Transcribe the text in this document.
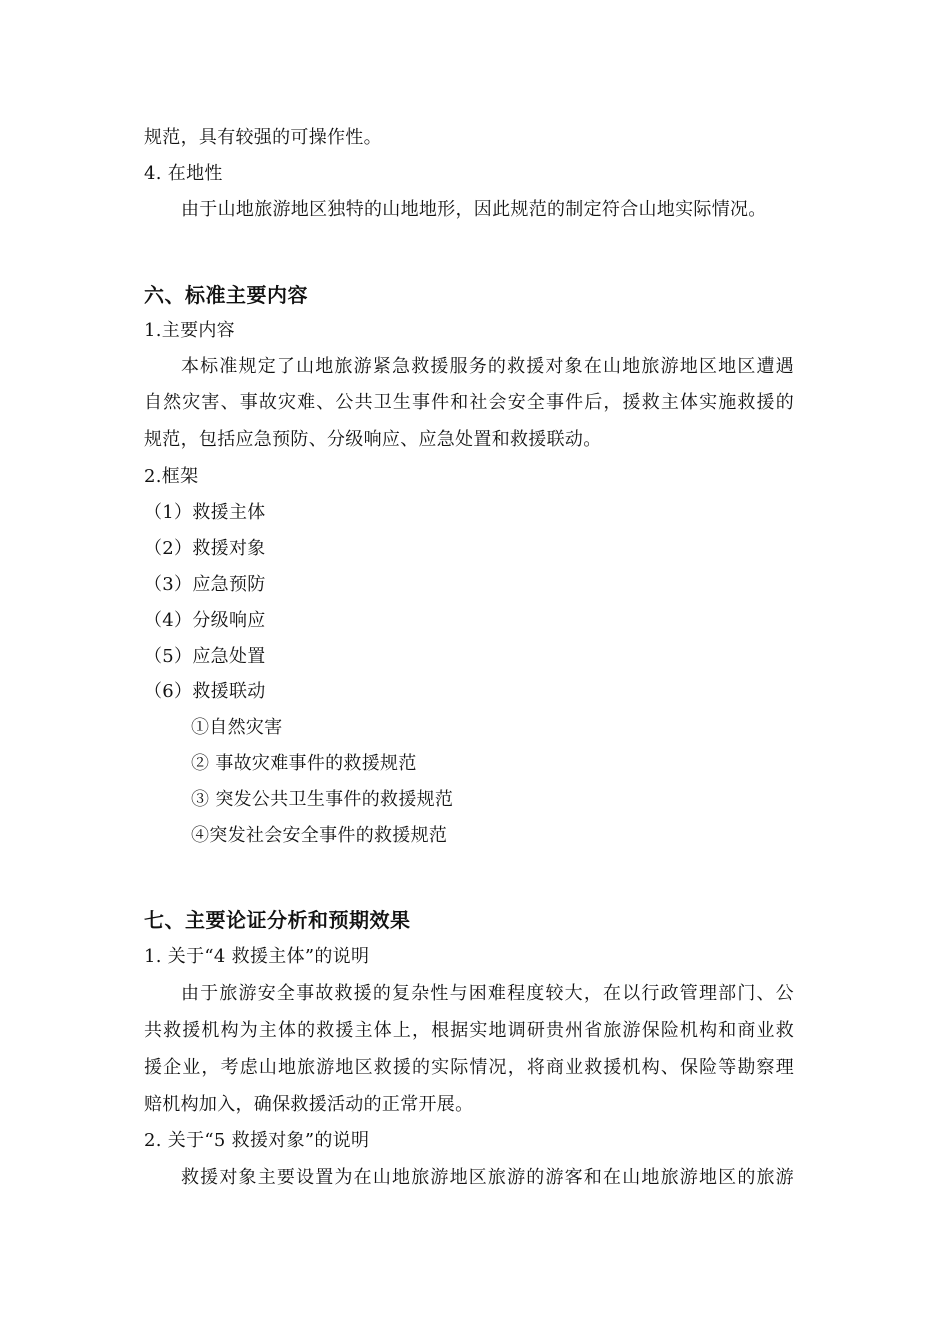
规范，具有较强的可操作性。
4. 在地性
由于山地旅游地区独特的山地地形，因此规范的制定符合山地实际情况。
六、标准主要内容
1.主要内容
本标准规定了山地旅游紧急救援服务的救援对象在山地旅游地区地区遭遇
自然灾害、事故灾难、公共卫生事件和社会安全事件后，援救主体实施救援的
规范，包括应急预防、分级响应、应急处置和救援联动。
2.框架
（1）救援主体
（2）救援对象
（3）应急预防
（4）分级响应
（5）应急处置
（6）救援联动
①自然灾害
② 事故灾难事件的救援规范
③ 突发公共卫生事件的救援规范
④突发社会安全事件的救援规范
七、主要论证分析和预期效果
1. 关于“4 救援主体”的说明
由于旅游安全事故救援的复杂性与困难程度较大，在以行政管理部门、公
共救援机构为主体的救援主体上，根据实地调研贵州省旅游保险机构和商业救
援企业，考虑山地旅游地区救援的实际情况，将商业救援机构、保险等勘察理
赔机构加入，确保救援活动的正常开展。
2. 关于“5 救援对象”的说明
救援对象主要设置为在山地旅游地区旅游的游客和在山地旅游地区的旅游
